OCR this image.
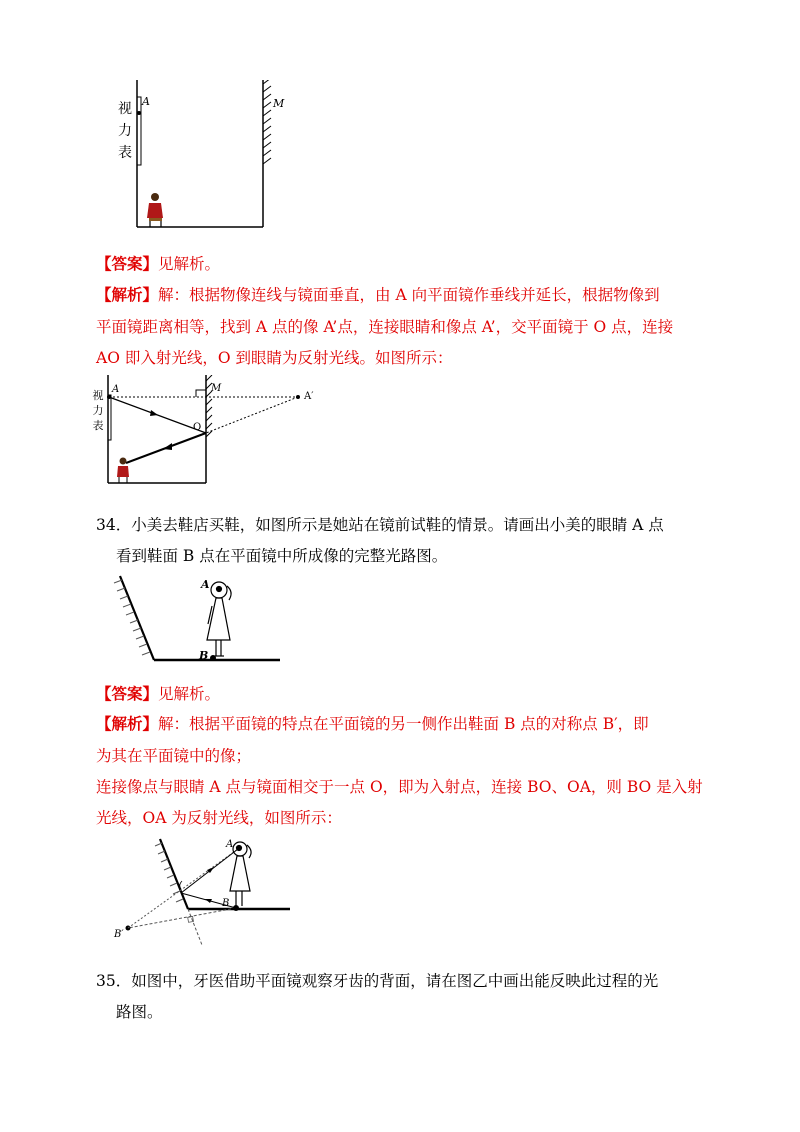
A	M
视力表
【答案】见解析。
【解析】解：根据物像连线与镜面垂直，由 A 向平面镜作垂线并延长，根据物像到
平面镜距离相等，找到 A 点的像 A’点，连接眼睛和像点 A’，交平面镜于 O 点，连接
AO 即入射光线，O 到眼睛为反射光线。如图所示：
A	M
O
A′
视力表
34．小美去鞋店买鞋，如图所示是她站在镜前试鞋的情景。请画出小美的眼睛 A 点
看到鞋面 B 点在平面镜中所成像的完整光路图。
A
B
【答案】见解析。
【解析】解：根据平面镜的特点在平面镜的另一侧作出鞋面 B 点的对称点 B′，即
为其在平面镜中的像；
连接像点与眼睛 A 点与镜面相交于一点 O，即为入射点，连接 BO、OA，则 BO 是入射
光线，OA 为反射光线，如图所示：
A
B
B′
35．如图中，牙医借助平面镜观察牙齿的背面，请在图乙中画出能反映此过程的光
路图。
